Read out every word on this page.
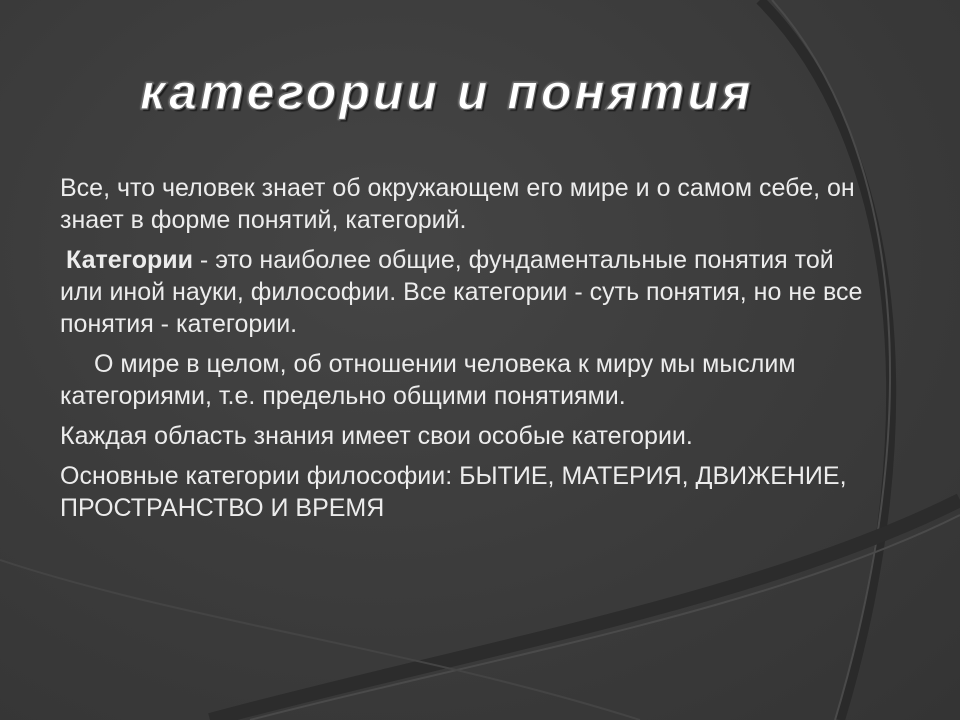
категории и понятия

Все, что человек знает об окружающем его мире и о самом себе, он знает в форме понятий, категорий.

Категории - это наиболее общие, фундаментальные понятия той или иной науки, философии. Все категории - суть понятия, но не все понятия - категории.

О мире в целом, об отношении человека к миру мы мыслим категориями, т.е. предельно общими понятиями.

Каждая область знания имеет свои особые категории.

Основные категории философии: БЫТИЕ, МАТЕРИЯ, ДВИЖЕНИЕ, ПРОСТРАНСТВО И ВРЕМЯ
